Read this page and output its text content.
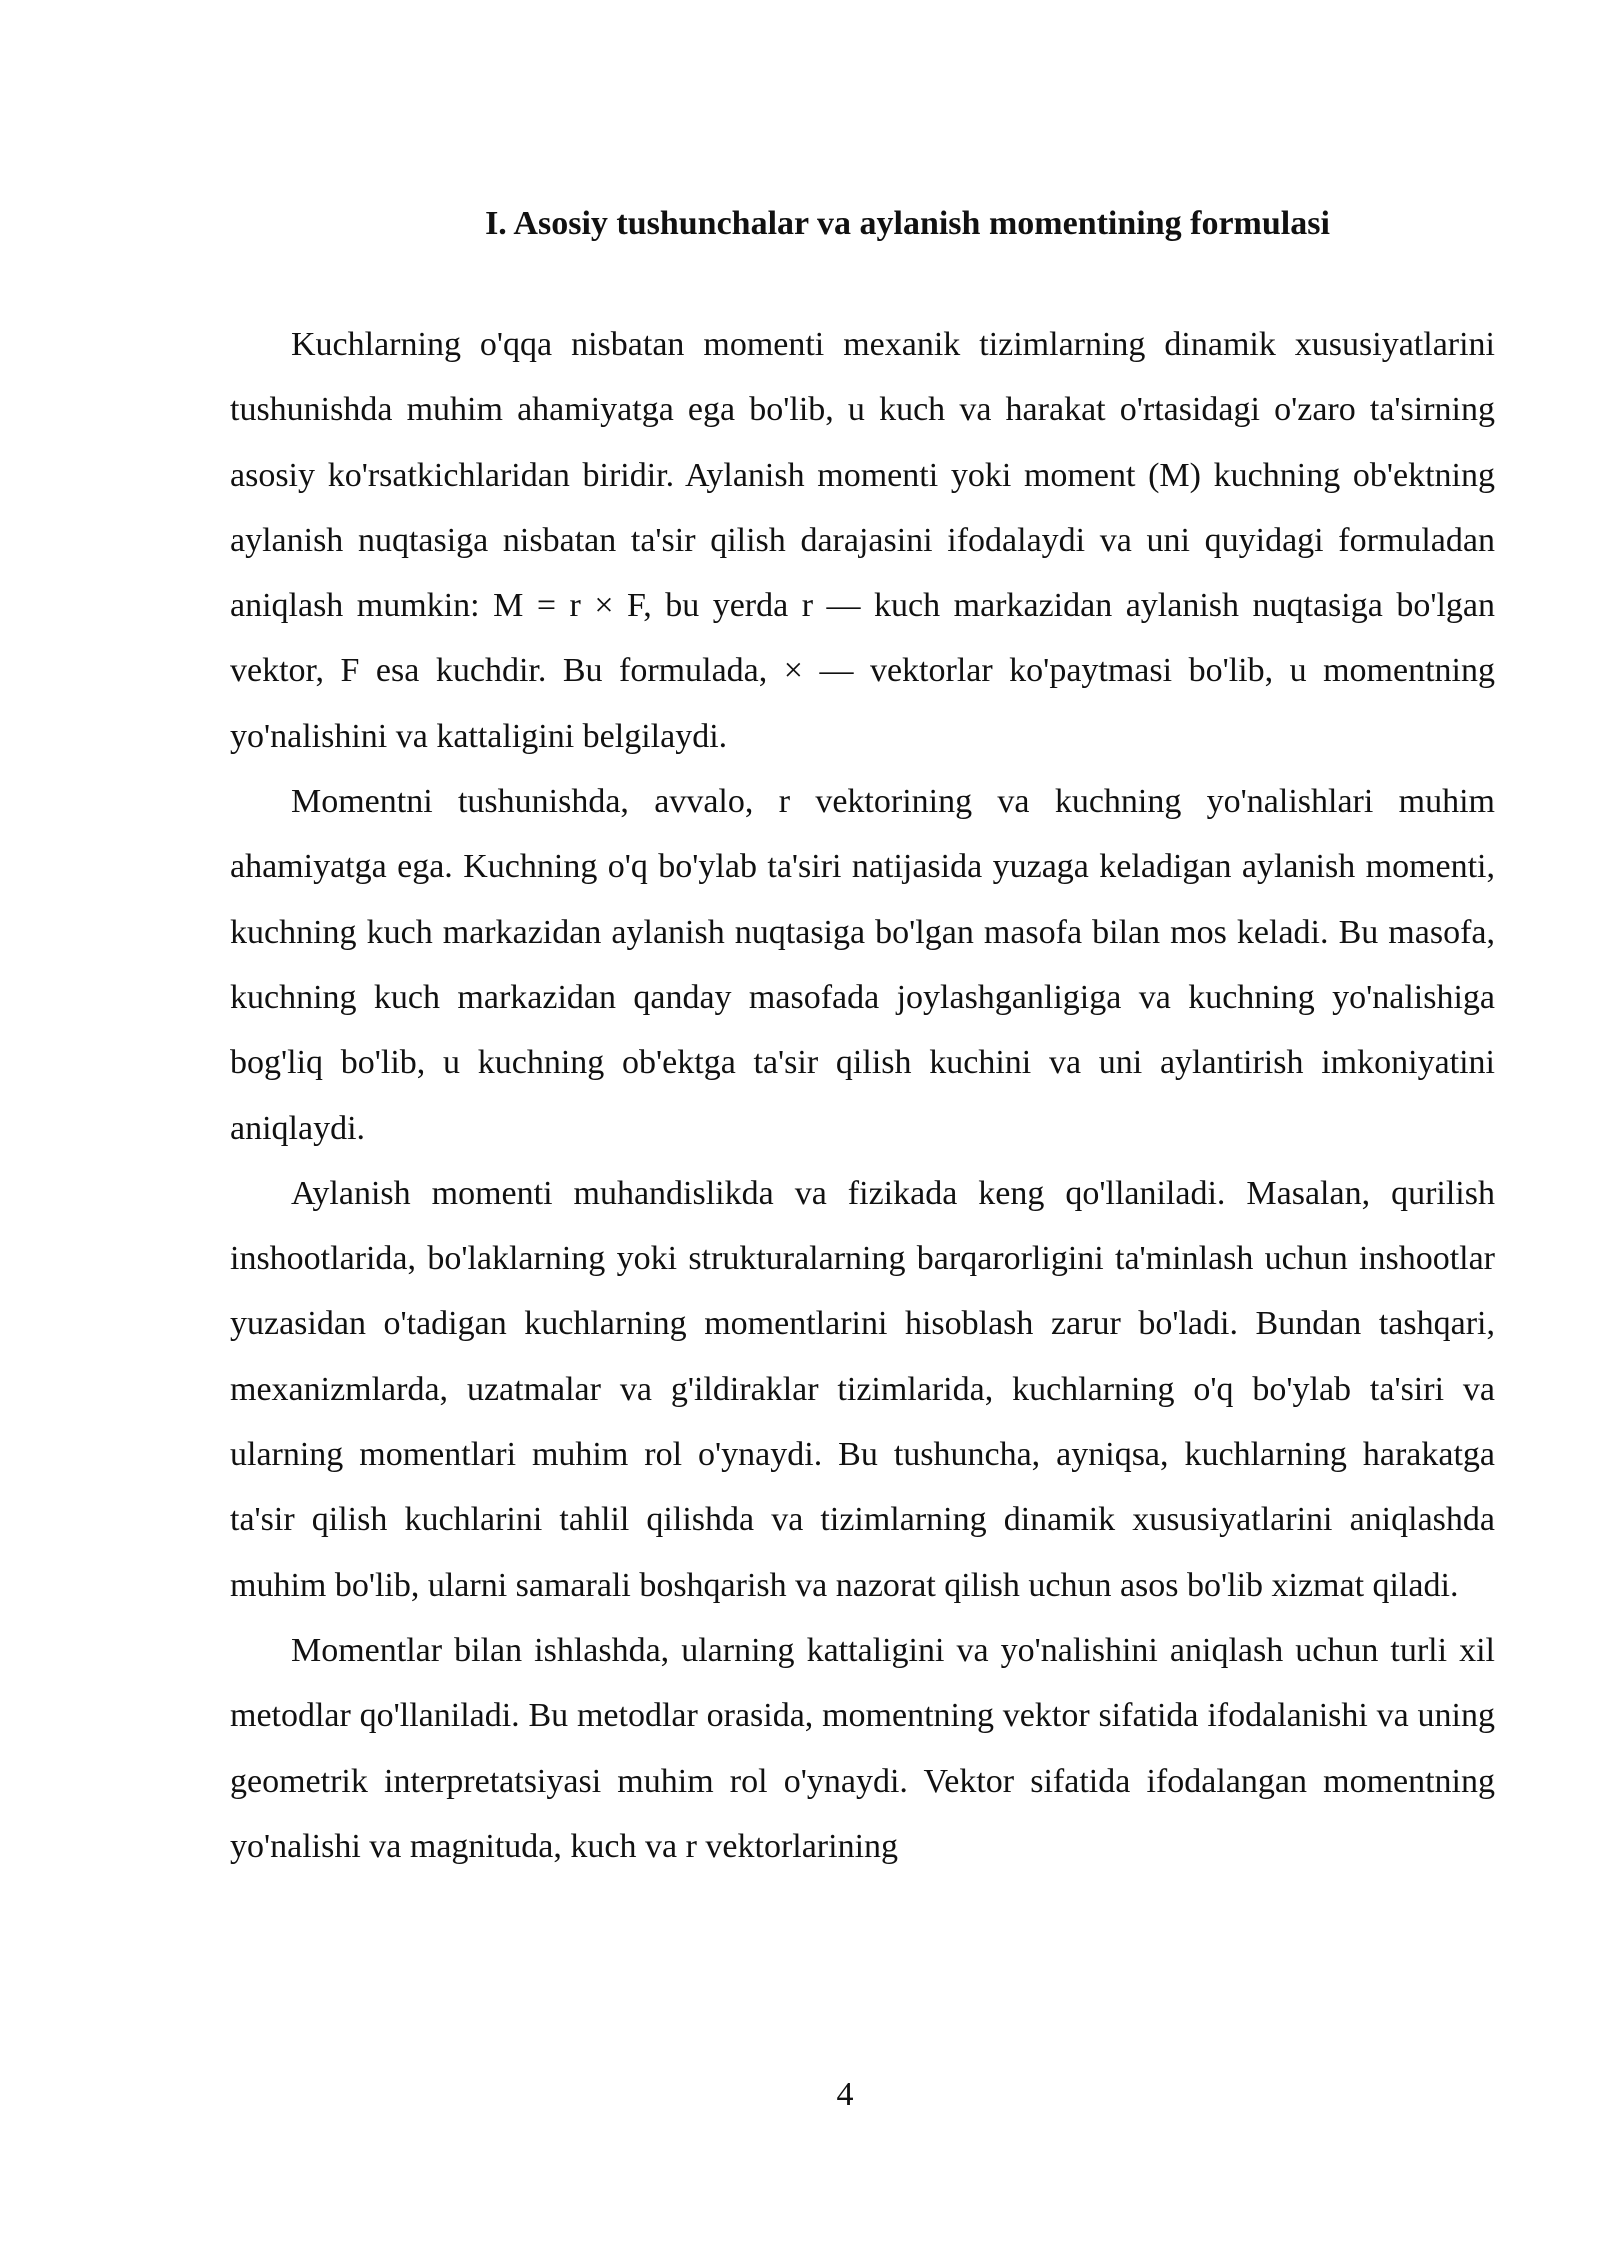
I. Asosiy tushunchalar va aylanish momentining formulasi

Kuchlarning o'qqa nisbatan momenti mexanik tizimlarning dinamik xususiyatlarini tushunishda muhim ahamiyatga ega bo'lib, u kuch va harakat o'rtasidagi o'zaro ta'sirning asosiy ko'rsatkichlaridan biridir. Aylanish momenti yoki moment (M) kuchning ob'ektning aylanish nuqtasiga nisbatan ta'sir qilish darajasini ifodalaydi va uni quyidagi formuladan aniqlash mumkin: M = r × F, bu yerda r — kuch markazidan aylanish nuqtasiga bo'lgan vektor, F esa kuchdir. Bu formulada, × — vektorlar ko'paytmasi bo'lib, u momentning yo'nalishini va kattaligini belgilaydi.

Momentni tushunishda, avvalo, r vektorining va kuchning yo'nalishlari muhim ahamiyatga ega. Kuchning o'q bo'ylab ta'siri natijasida yuzaga keladigan aylanish momenti, kuchning kuch markazidan aylanish nuqtasiga bo'lgan masofa bilan mos keladi. Bu masofa, kuchning kuch markazidan qanday masofada joylashganligiga va kuchning yo'nalishiga bog'liq bo'lib, u kuchning ob'ektga ta'sir qilish kuchini va uni aylantirish imkoniyatini aniqlaydi.

Aylanish momenti muhandislikda va fizikada keng qo'llaniladi. Masalan, qurilish inshootlarida, bo'laklarning yoki strukturalarning barqarorligini ta'minlash uchun inshootlar yuzasidan o'tadigan kuchlarning momentlarini hisoblash zarur bo'ladi. Bundan tashqari, mexanizmlarda, uzatmalar va g'ildiraklar tizimlarida, kuchlarning o'q bo'ylab ta'siri va ularning momentlari muhim rol o'ynaydi. Bu tushuncha, ayniqsa, kuchlarning harakatga ta'sir qilish kuchlarini tahlil qilishda va tizimlarning dinamik xususiyatlarini aniqlashda muhim bo'lib, ularni samarali boshqarish va nazorat qilish uchun asos bo'lib xizmat qiladi.

Momentlar bilan ishlashda, ularning kattaligini va yo'nalishini aniqlash uchun turli xil metodlar qo'llaniladi. Bu metodlar orasida, momentning vektor sifatida ifodalanishi va uning geometrik interpretatsiyasi muhim rol o'ynaydi. Vektor sifatida ifodalangan momentning yo'nalishi va magnituda, kuch va r vektorlarining

4
